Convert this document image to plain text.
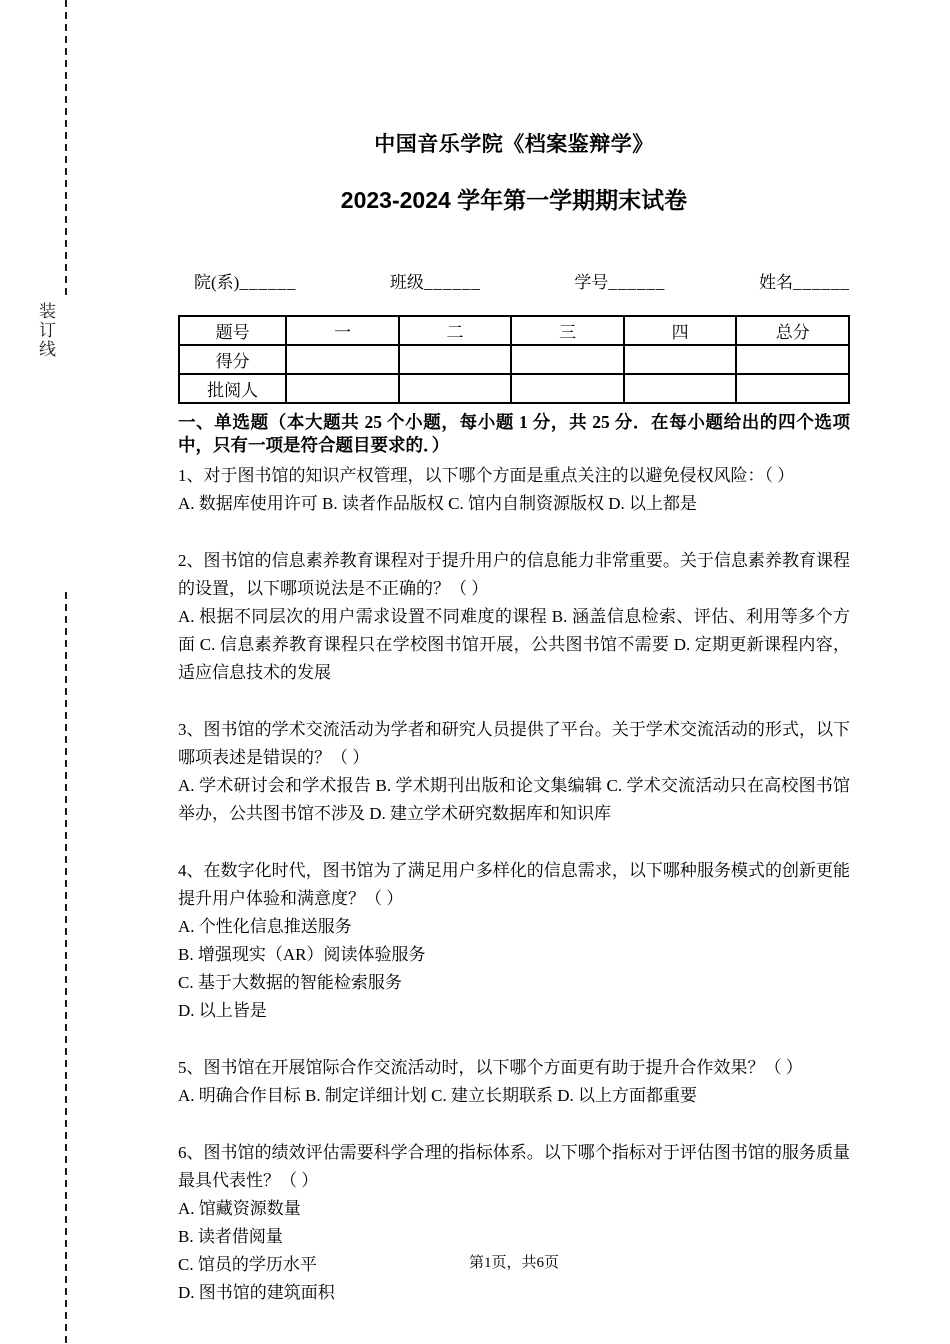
装订线
中国音乐学院《档案鉴辩学》
2023-2024 学年第一学期期末试卷
院(系)______	班级______	学号______	姓名______
题号	一	二	三	四	总分
得分					
批阅人					
一、单选题（本大题共 25 个小题，每小题 1 分，共 25 分．在每小题给出的四个选项中，只有一项是符合题目要求的．）
1、对于图书馆的知识产权管理，以下哪个方面是重点关注的以避免侵权风险：（ ）
A. 数据库使用许可 B. 读者作品版权 C. 馆内自制资源版权 D. 以上都是
2、图书馆的信息素养教育课程对于提升用户的信息能力非常重要。关于信息素养教育课程的设置，以下哪项说法是不正确的？（ ）
A. 根据不同层次的用户需求设置不同难度的课程 B. 涵盖信息检索、评估、利用等多个方面 C. 信息素养教育课程只在学校图书馆开展，公共图书馆不需要 D. 定期更新课程内容，适应信息技术的发展
3、图书馆的学术交流活动为学者和研究人员提供了平台。关于学术交流活动的形式，以下哪项表述是错误的？（ ）
A. 学术研讨会和学术报告 B. 学术期刊出版和论文集编辑 C. 学术交流活动只在高校图书馆举办，公共图书馆不涉及 D. 建立学术研究数据库和知识库
4、在数字化时代，图书馆为了满足用户多样化的信息需求，以下哪种服务模式的创新更能提升用户体验和满意度？（ ）
A. 个性化信息推送服务
B. 增强现实（AR）阅读体验服务
C. 基于大数据的智能检索服务
D. 以上皆是
5、图书馆在开展馆际合作交流活动时，以下哪个方面更有助于提升合作效果？（ ）
A. 明确合作目标 B. 制定详细计划 C. 建立长期联系 D. 以上方面都重要
6、图书馆的绩效评估需要科学合理的指标体系。以下哪个指标对于评估图书馆的服务质量最具代表性？（ ）
A. 馆藏资源数量
B. 读者借阅量
C. 馆员的学历水平
D. 图书馆的建筑面积
第1页，共6页
